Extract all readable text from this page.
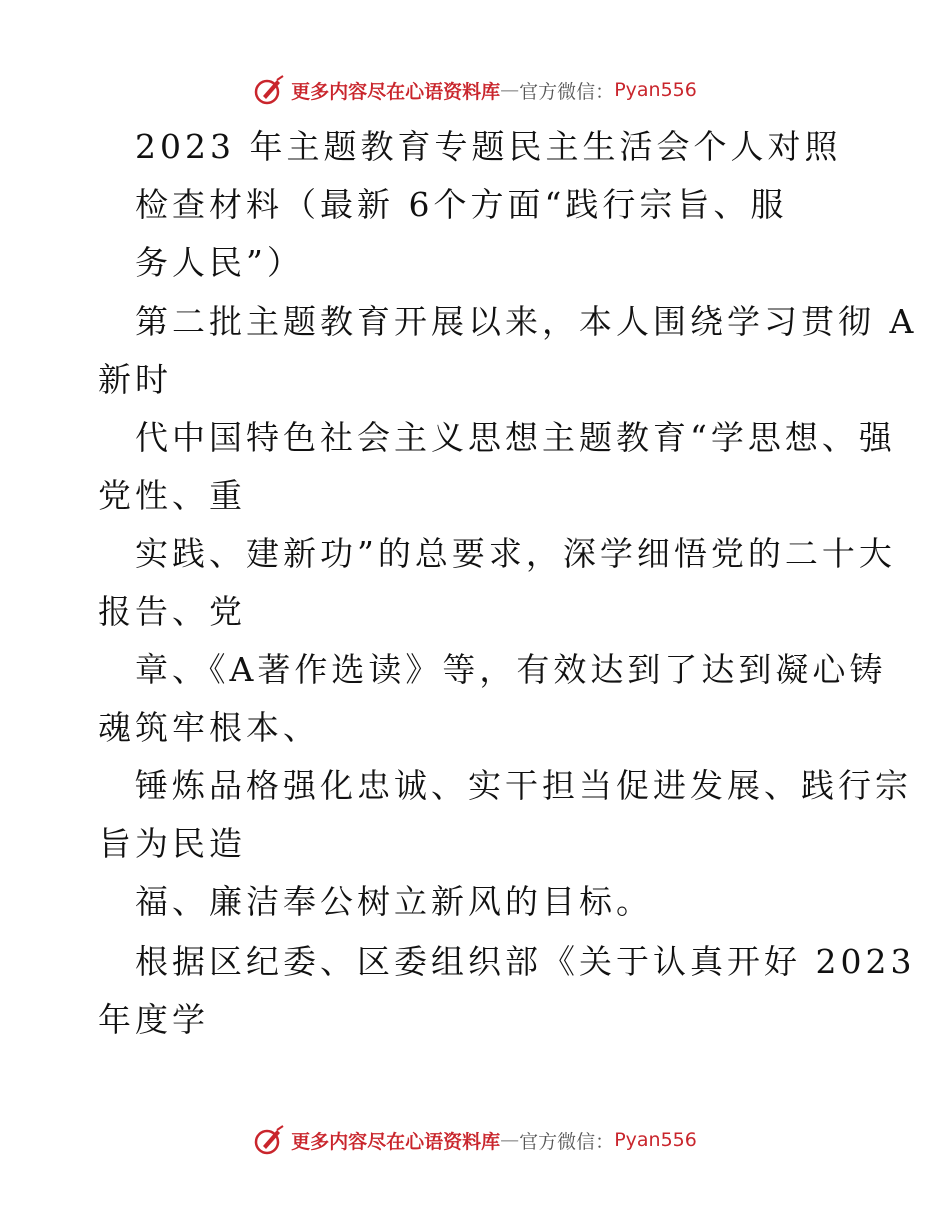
更多内容尽在心语资料库 — 官方微信： Pyan556
2023 年主题教育专题民主生活会个人对照
检查材料（最新 6个方面“践行宗旨、服
务人民”）
第二批主题教育开展以来，本人围绕学习贯彻 A
新时
代中国特色社会主义思想主题教育“学思想、强
党性、重
实践、建新功”的总要求，深学细悟党的二十大
报告、党
章、《A著作选读》等，有效达到了达到凝心铸
魂筑牢根本、
锤炼品格强化忠诚、实干担当促进发展、践行宗
旨为民造
福、廉洁奉公树立新风的目标。
根据区纪委、区委组织部《关于认真开好 2023
年度学
更多内容尽在心语资料库 — 官方微信： Pyan556
